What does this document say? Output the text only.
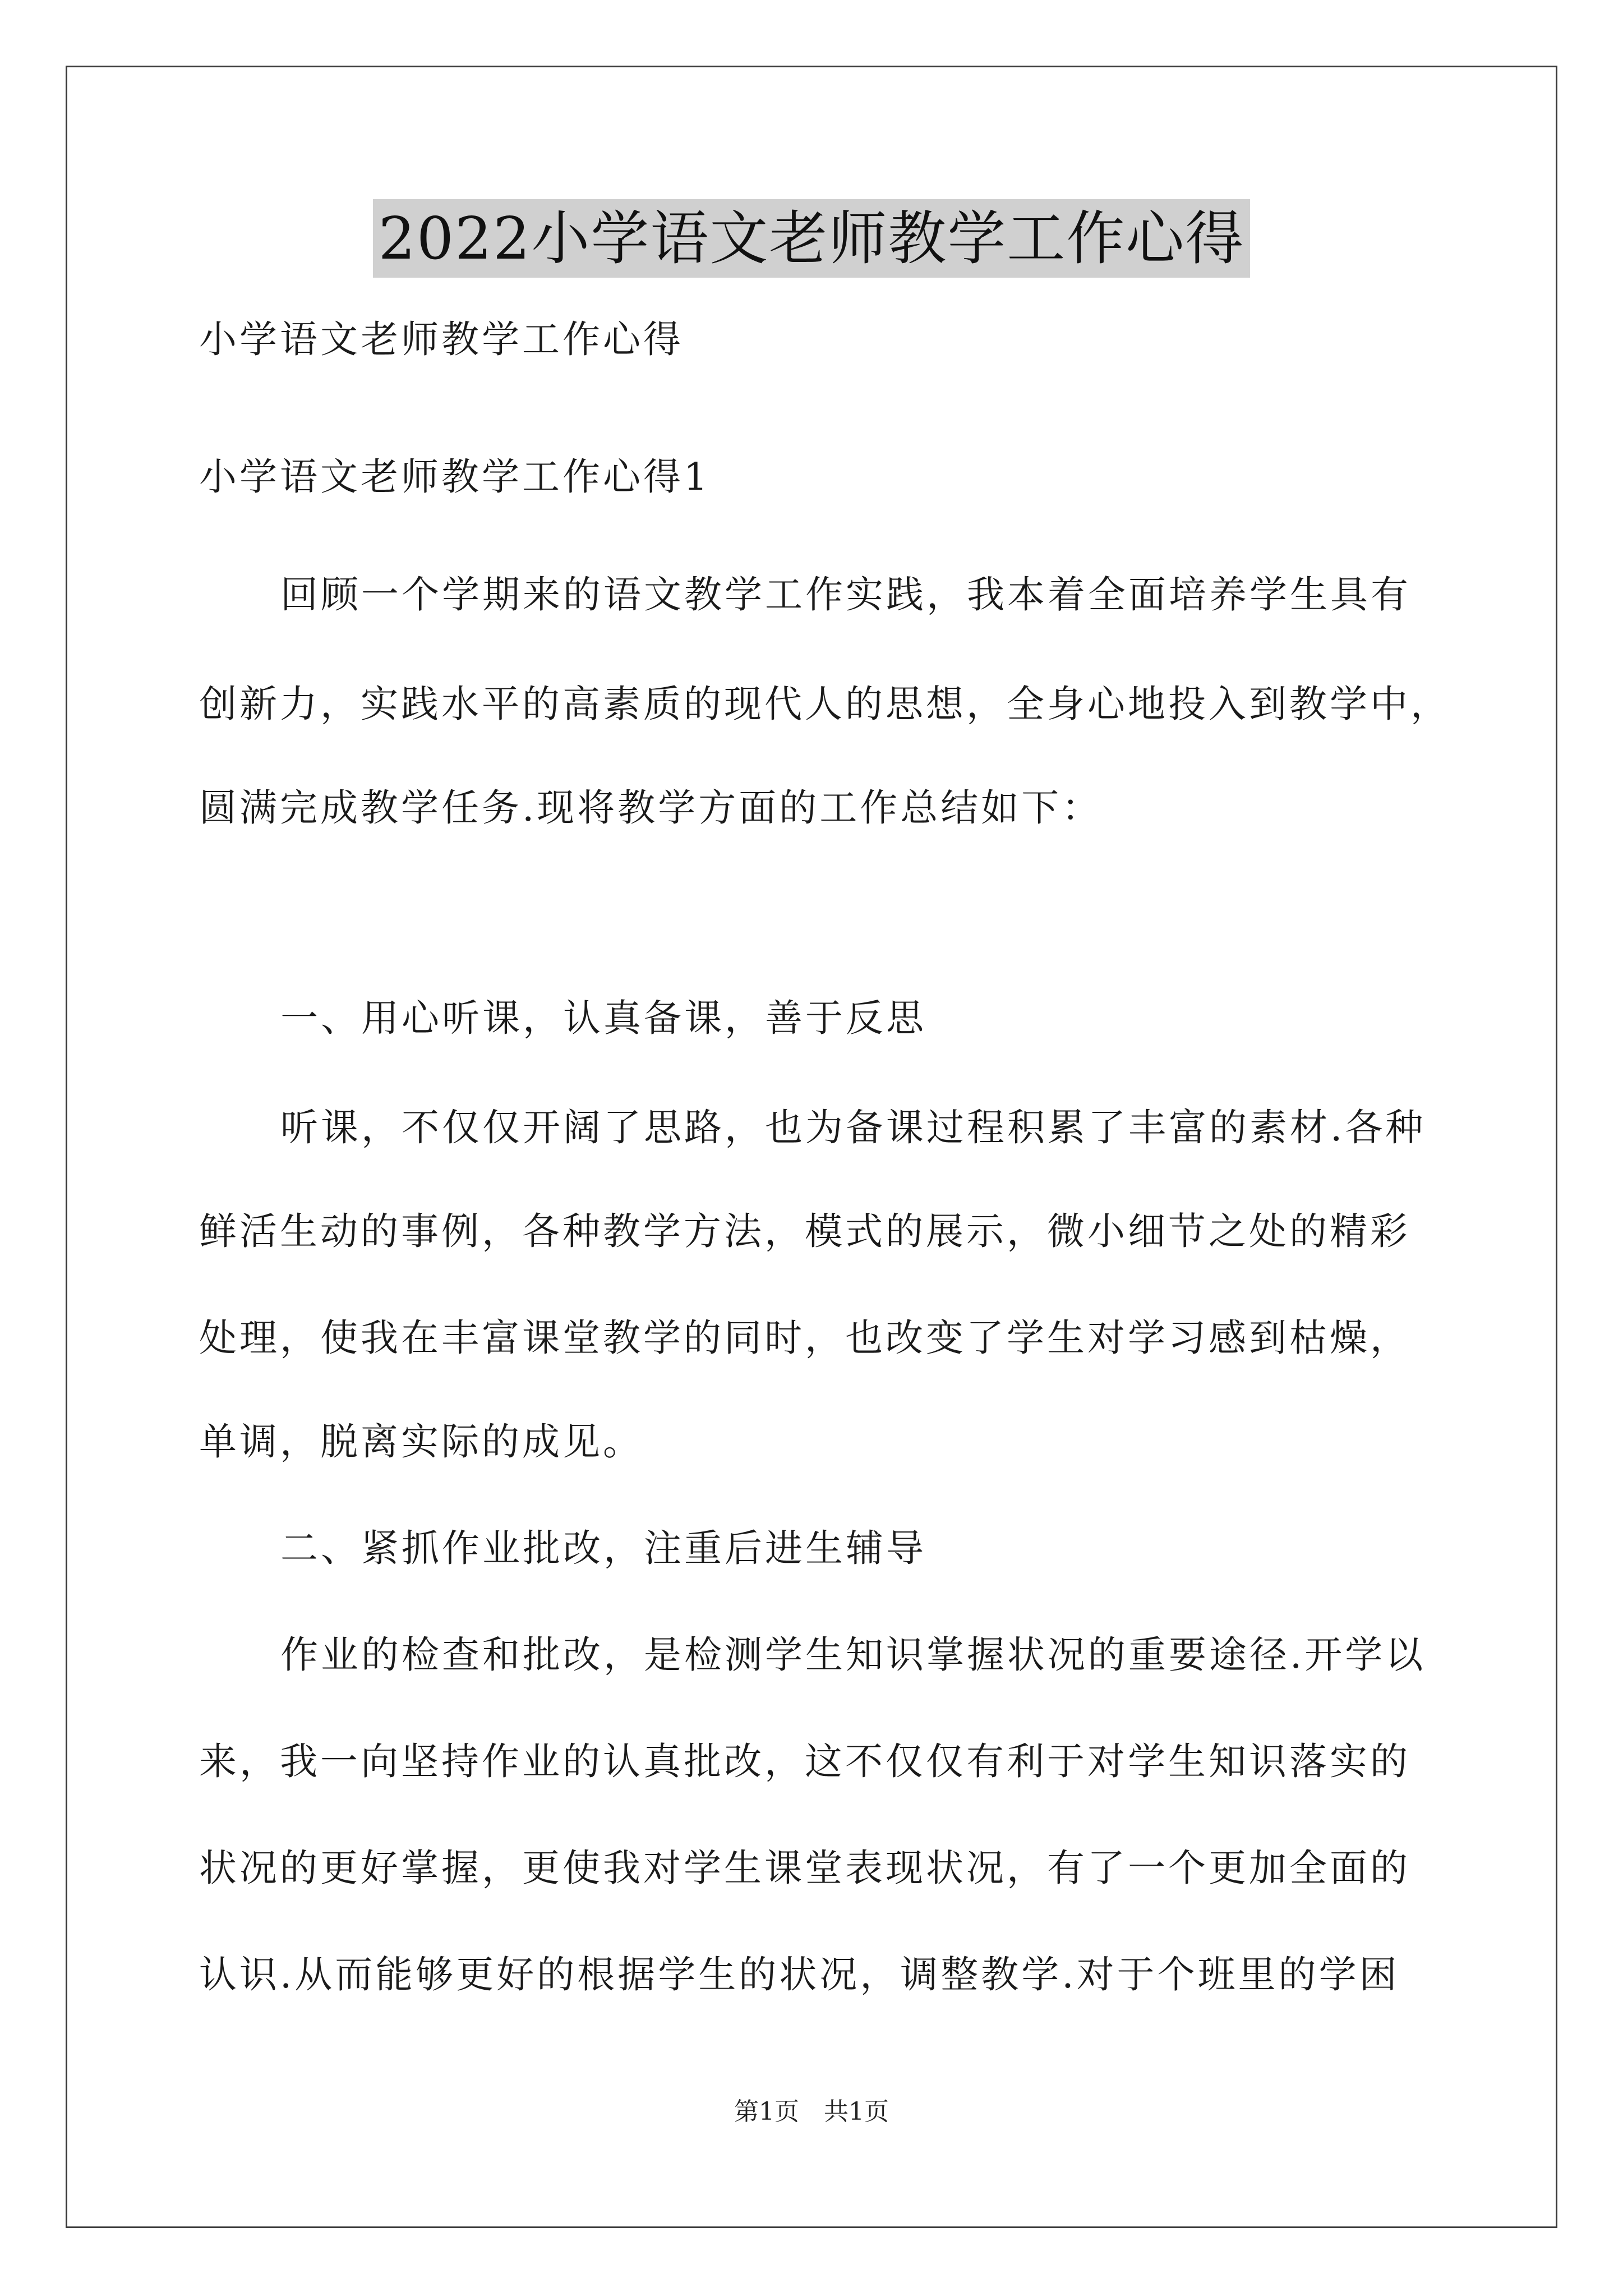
2022小学语文老师教学工作心得
小学语文老师教学工作心得
小学语文老师教学工作心得1
回顾一个学期来的语文教学工作实践，我本着全面培养学生具有
创新力，实践水平的高素质的现代人的思想，全身心地投入到教学中，
圆满完成教学任务.现将教学方面的工作总结如下：
一、用心听课，认真备课，善于反思
听课，不仅仅开阔了思路，也为备课过程积累了丰富的素材.各种
鲜活生动的事例，各种教学方法，模式的展示，微小细节之处的精彩
处理，使我在丰富课堂教学的同时，也改变了学生对学习感到枯燥，
单调，脱离实际的成见。
二、紧抓作业批改，注重后进生辅导
作业的检查和批改，是检测学生知识掌握状况的重要途径.开学以
来，我一向坚持作业的认真批改，这不仅仅有利于对学生知识落实的
状况的更好掌握，更使我对学生课堂表现状况，有了一个更加全面的
认识.从而能够更好的根据学生的状况，调整教学.对于个班里的学困
第1页　共1页
